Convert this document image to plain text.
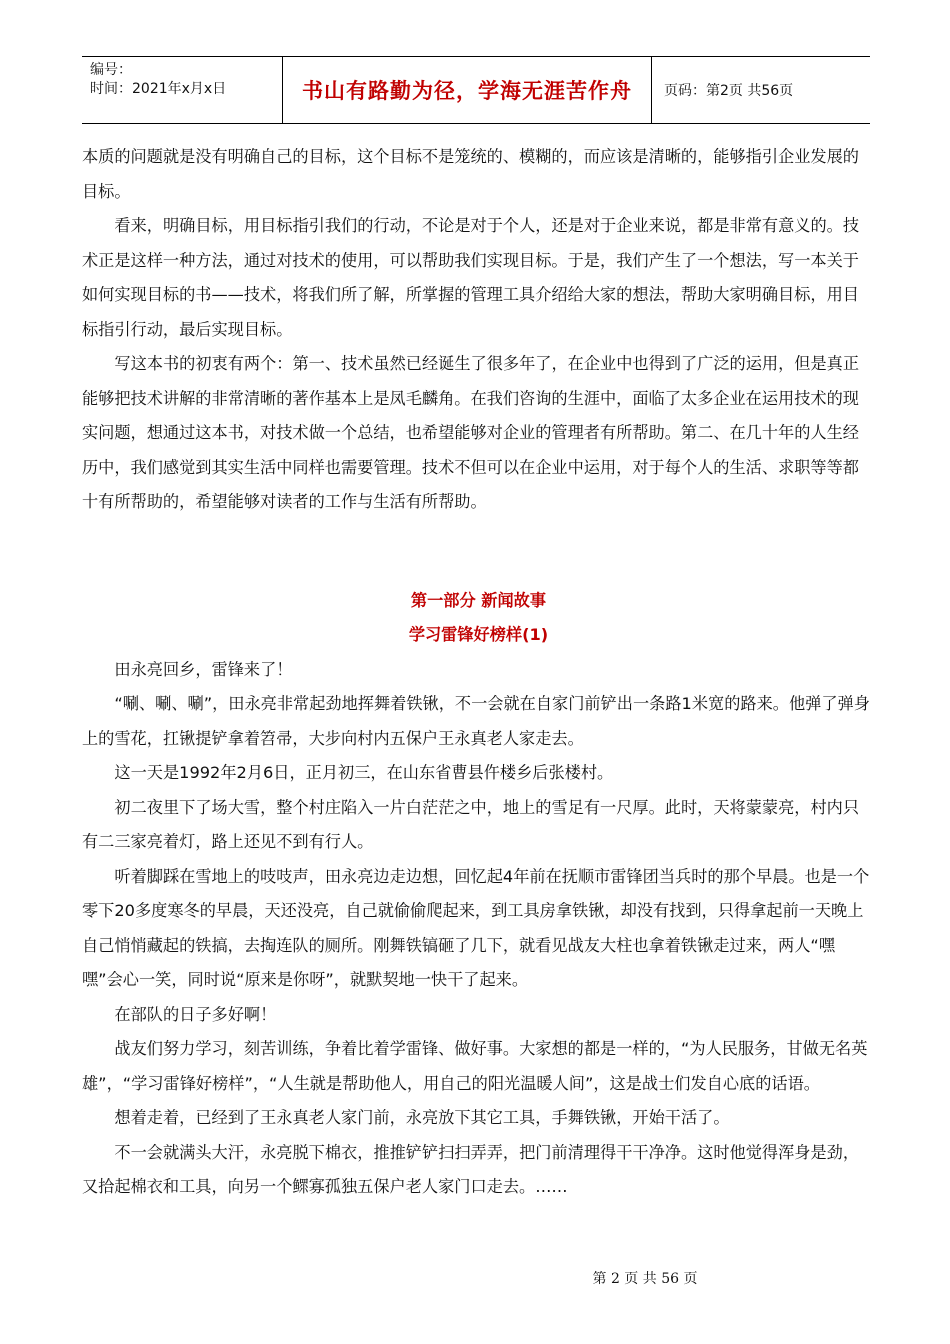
编号：
时间：2021年x月x日	书山有路勤为径，学海无涯苦作舟	页码：第2页 共56页

本质的问题就是没有明确自己的目标，这个目标不是笼统的、模糊的，而应该是清晰的，能够指引企业发展的目标。

看来，明确目标，用目标指引我们的行动，不论是对于个人，还是对于企业来说，都是非常有意义的。技术正是这样一种方法，通过对技术的使用，可以帮助我们实现目标。于是，我们产生了一个想法，写一本关于如何实现目标的书——技术，将我们所了解，所掌握的管理工具介绍给大家的想法，帮助大家明确目标，用目标指引行动，最后实现目标。

写这本书的初衷有两个：第一、技术虽然已经诞生了很多年了，在企业中也得到了广泛的运用，但是真正能够把技术讲解的非常清晰的著作基本上是凤毛麟角。在我们咨询的生涯中，面临了太多企业在运用技术的现实问题，想通过这本书，对技术做一个总结，也希望能够对企业的管理者有所帮助。第二、在几十年的人生经历中，我们感觉到其实生活中同样也需要管理。技术不但可以在企业中运用，对于每个人的生活、求职等等都十有所帮助的，希望能够对读者的工作与生活有所帮助。

第一部分 新闻故事

学习雷锋好榜样(1)

田永亮回乡，雷锋来了！

“唰、唰、唰”，田永亮非常起劲地挥舞着铁锹，不一会就在自家门前铲出一条路1米宽的路来。他弹了弹身上的雪花，扛锹提铲拿着笤帚，大步向村内五保户王永真老人家走去。

这一天是1992年2月6日，正月初三，在山东省曹县仵楼乡后张楼村。

初二夜里下了场大雪，整个村庄陷入一片白茫茫之中，地上的雪足有一尺厚。此时，天将蒙蒙亮，村内只有二三家亮着灯，路上还见不到有行人。

听着脚踩在雪地上的吱吱声，田永亮边走边想，回忆起4年前在抚顺市雷锋团当兵时的那个早晨。也是一个零下20多度寒冬的早晨，天还没亮，自己就偷偷爬起来，到工具房拿铁锹，却没有找到，只得拿起前一天晚上自己悄悄藏起的铁搞，去掏连队的厕所。刚舞铁镐砸了几下，就看见战友大柱也拿着铁锹走过来，两人“嘿嘿”会心一笑，同时说“原来是你呀”，就默契地一快干了起来。

在部队的日子多好啊！

战友们努力学习，刻苦训练，争着比着学雷锋、做好事。大家想的都是一样的，“为人民服务，甘做无名英雄”，“学习雷锋好榜样”，“人生就是帮助他人，用自己的阳光温暖人间”，这是战士们发自心底的话语。

想着走着，已经到了王永真老人家门前，永亮放下其它工具，手舞铁锹，开始干活了。

不一会就满头大汗，永亮脱下棉衣，推推铲铲扫扫弄弄，把门前清理得干干净净。这时他觉得浑身是劲，又拾起棉衣和工具，向另一个鳏寡孤独五保户老人家门口走去。……

第 2 页 共 56 页
